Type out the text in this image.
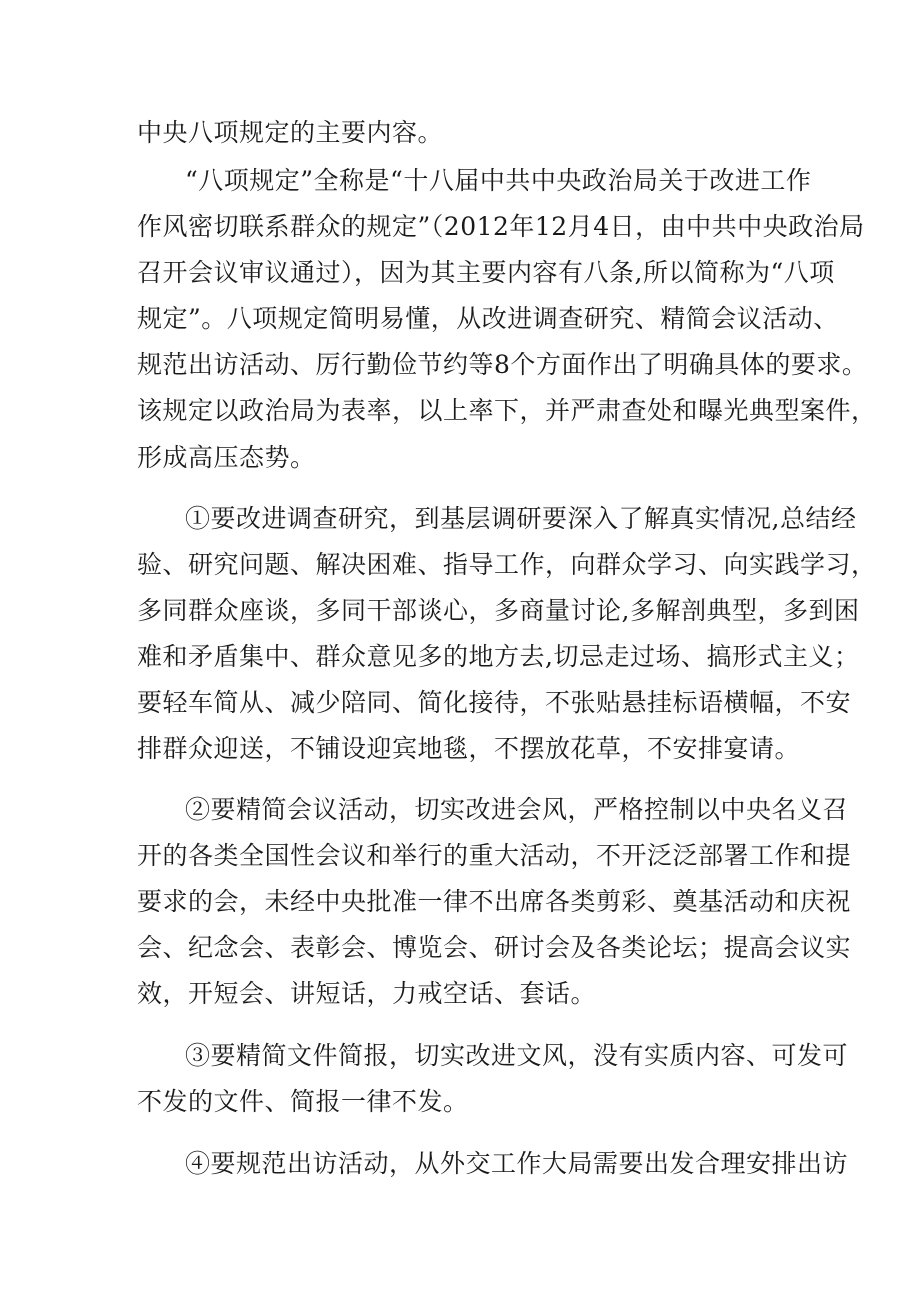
中央八项规定的主要内容。
“八项规定”全称是“十八届中共中央政治局关于改进工作
作风密切联系群众的规定”（2012年12月4日，由中共中央政治局
召开会议审议通过），因为其主要内容有八条,所以简称为“八项
规定”。八项规定简明易懂，从改进调查研究、精简会议活动、
规范出访活动、厉行勤俭节约等8个方面作出了明确具体的要求。
该规定以政治局为表率，以上率下，并严肃查处和曝光典型案件，
形成高压态势。
①要改进调查研究，到基层调研要深入了解真实情况,总结经
验、研究问题、解决困难、指导工作，向群众学习、向实践学习，
多同群众座谈，多同干部谈心，多商量讨论,多解剖典型，多到困
难和矛盾集中、群众意见多的地方去,切忌走过场、搞形式主义；
要轻车简从、减少陪同、简化接待，不张贴悬挂标语横幅，不安
排群众迎送，不铺设迎宾地毯，不摆放花草，不安排宴请。
②要精简会议活动，切实改进会风，严格控制以中央名义召
开的各类全国性会议和举行的重大活动，不开泛泛部署工作和提
要求的会，未经中央批准一律不出席各类剪彩、奠基活动和庆祝
会、纪念会、表彰会、博览会、研讨会及各类论坛；提高会议实
效，开短会、讲短话，力戒空话、套话。
③要精简文件简报，切实改进文风，没有实质内容、可发可
不发的文件、简报一律不发。
④要规范出访活动，从外交工作大局需要出发合理安排出访
